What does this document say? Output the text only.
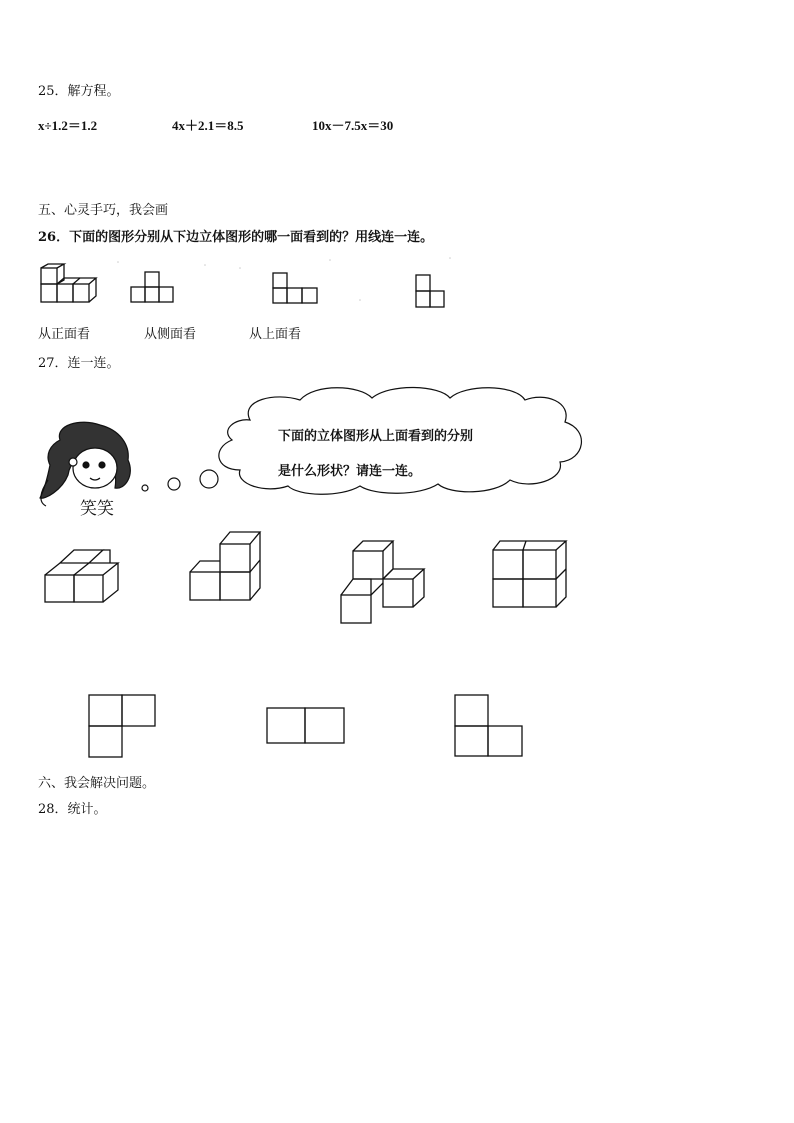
25．解方程。
x÷1.2＝1.2	4x＋2.1＝8.5	10x－7.5x＝30
五、心灵手巧，我会画
26．下面的图形分别从下边立体图形的哪一面看到的？用线连一连。
从正面看	从侧面看	从上面看
27．连一连。
下面的立体图形从上面看到的分别
是什么形状？请连一连。
笑笑
六、我会解决问题。
28．统计。
